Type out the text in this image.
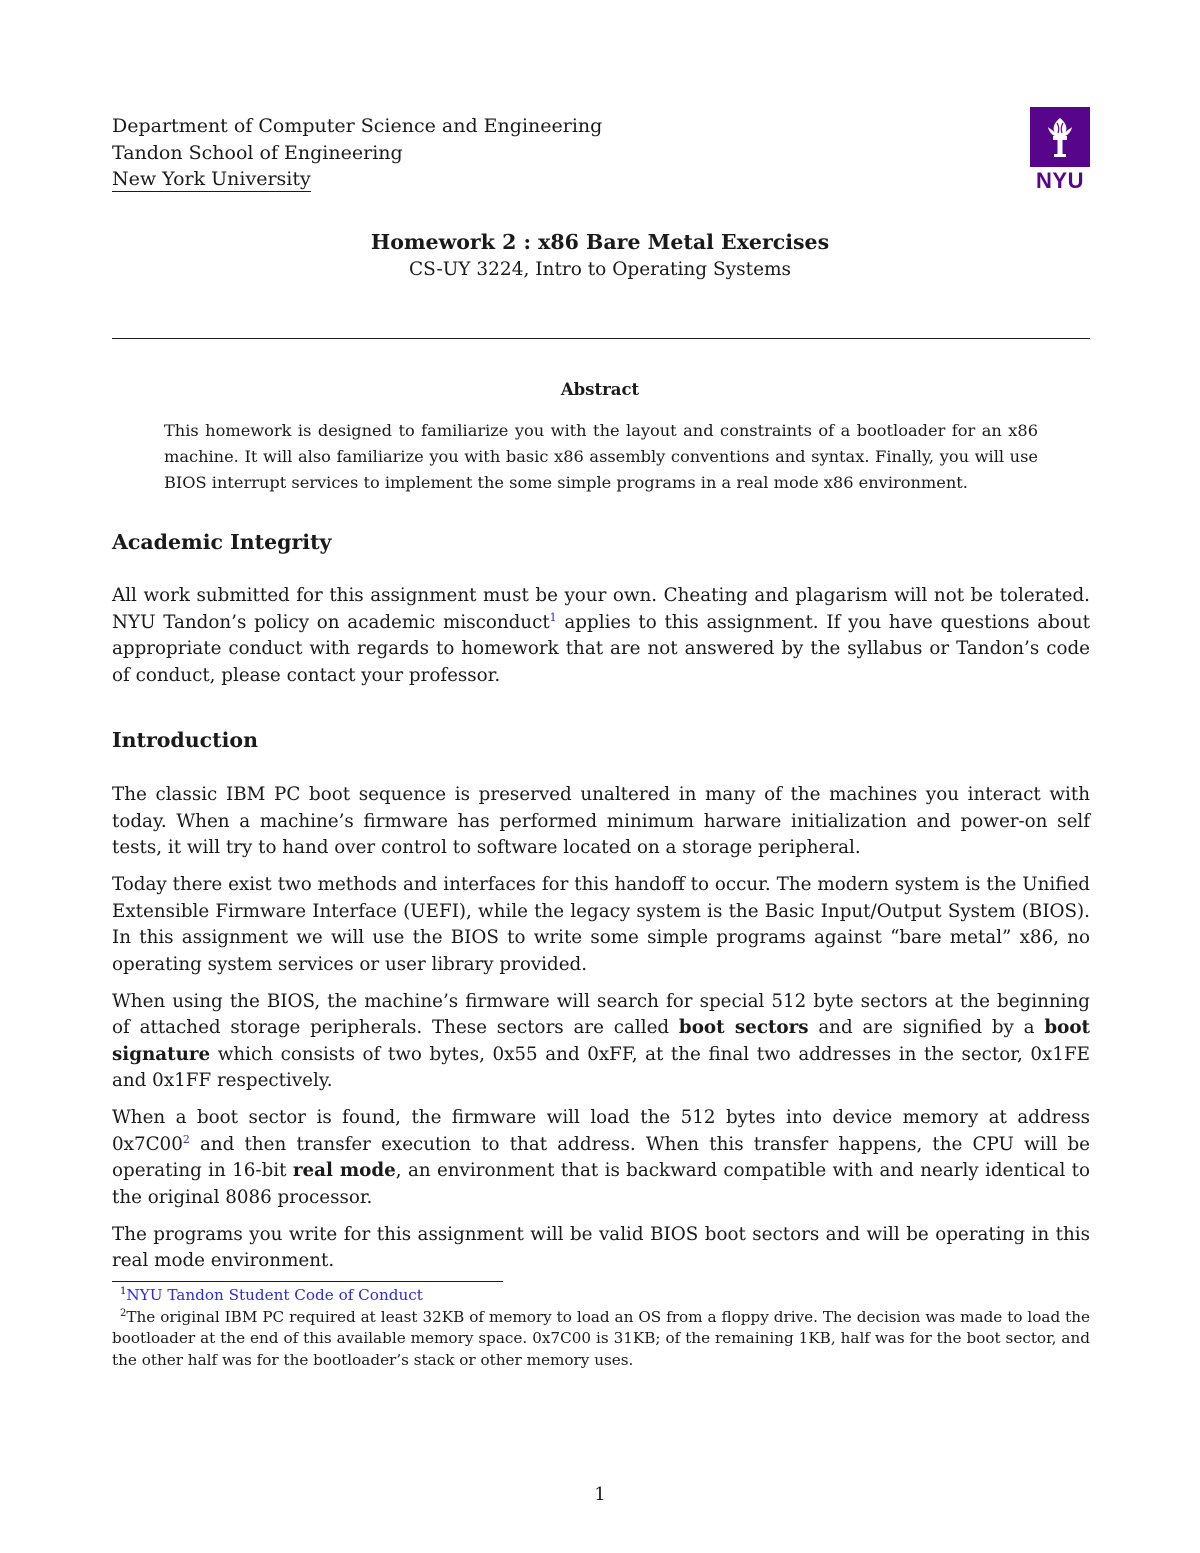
Department of Computer Science and Engineering
Tandon School of Engineering
New York University	NYU
Homework 2 : x86 Bare Metal Exercises
CS-UY 3224, Intro to Operating Systems
Abstract
This homework is designed to familiarize you with the layout and constraints of a bootloader for an x86 machine. It will also familiarize you with basic x86 assembly conventions and syntax. Finally, you will use BIOS interrupt services to implement the some simple programs in a real mode x86 environment.
Academic Integrity

All work submitted for this assignment must be your own. Cheating and plagarism will not be tolerated. NYU Tandon’s policy on academic misconduct$^1$ applies to this assignment. If you have questions about appropriate conduct with regards to homework that are not answered by the syllabus or Tandon’s code of conduct, please contact your professor.

Introduction

The classic IBM PC boot sequence is preserved unaltered in many of the machines you interact with today. When a machine’s firmware has performed minimum harware initialization and power-on self tests, it will try to hand over control to software located on a storage peripheral.

Today there exist two methods and interfaces for this handoff to occur. The modern system is the Unified Extensible Firmware Interface (UEFI), while the legacy system is the Basic Input/Output System (BIOS). In this assignment we will use the BIOS to write some simple programs against “bare metal” x86, no operating system services or user library provided.

When using the BIOS, the machine’s firmware will search for special 512 byte sectors at the beginning of attached storage peripherals. These sectors are called boot sectors and are signified by a boot signature which consists of two bytes, 0x55 and 0xFF, at the final two addresses in the sector, 0x1FE and 0x1FF respectively.

When a boot sector is found, the firmware will load the 512 bytes into device memory at address 0x7C00$^2$ and then transfer execution to that address. When this transfer happens, the CPU will be operating in 16-bit real mode, an environment that is backward compatible with and nearly identical to the original 8086 processor.

The programs you write for this assignment will be valid BIOS boot sectors and will be operating in this real mode environment.

$^1$NYU Tandon Student Code of Conduct

$^2$The original IBM PC required at least 32KB of memory to load an OS from a floppy drive. The decision was made to load the bootloader at the end of this available memory space. 0x7C00 is 31KB; of the remaining 1KB, half was for the boot sector, and the other half was for the bootloader’s stack or other memory uses.

1
